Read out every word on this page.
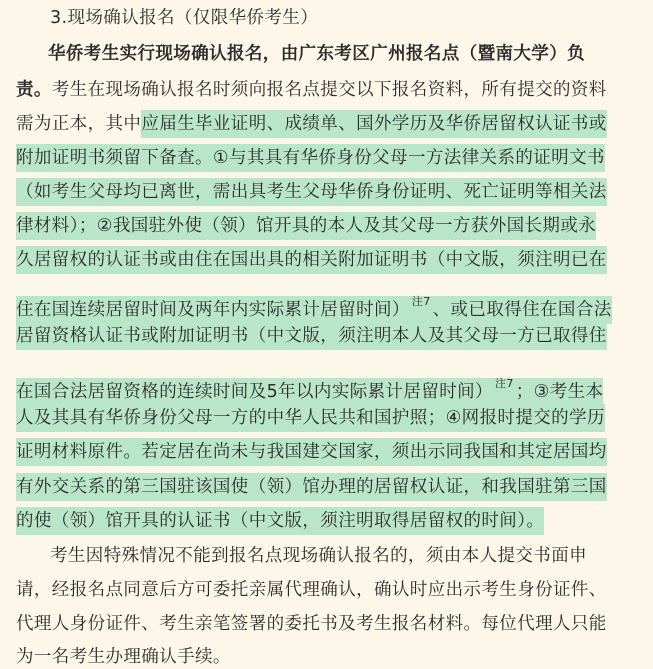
3.现场确认报名（仅限华侨考生）
华侨考生实行现场确认报名，由广东考区广州报名点（暨南大学）负
责。考生在现场确认报名时须向报名点提交以下报名资料，所有提交的资料
需为正本，其中应届生毕业证明、成绩单、国外学历及华侨居留权认证书或
附加证明书须留下备查。①与其具有华侨身份父母一方法律关系的证明文书
（如考生父母均已离世，需出具考生父母华侨身份证明、死亡证明等相关法
律材料）；②我国驻外使（领）馆开具的本人及其父母一方获外国长期或永
久居留权的认证书或由住在国出具的相关附加证明书（中文版，须注明已在
住在国连续居留时间及两年内实际累计居留时间） $^{注7}$ 、或已取得住在国合法
居留资格认证书或附加证明书（中文版，须注明本人及其父母一方已取得住
在国合法居留资格的连续时间及5年以内实际累计居留时间） $^{注7}$ ；③考生本
人及其具有华侨身份父母一方的中华人民共和国护照；④网报时提交的学历
证明材料原件。若定居在尚未与我国建交国家，须出示同我国和其定居国均
有外交关系的第三国驻该国使（领）馆办理的居留权认证，和我国驻第三国
的使（领）馆开具的认证书（中文版，须注明取得居留权的时间）。
考生因特殊情况不能到报名点现场确认报名的，须由本人提交书面申
请，经报名点同意后方可委托亲属代理确认，确认时应出示考生身份证件、
代理人身份证件、考生亲笔签署的委托书及考生报名材料。每位代理人只能
为一名考生办理确认手续。
